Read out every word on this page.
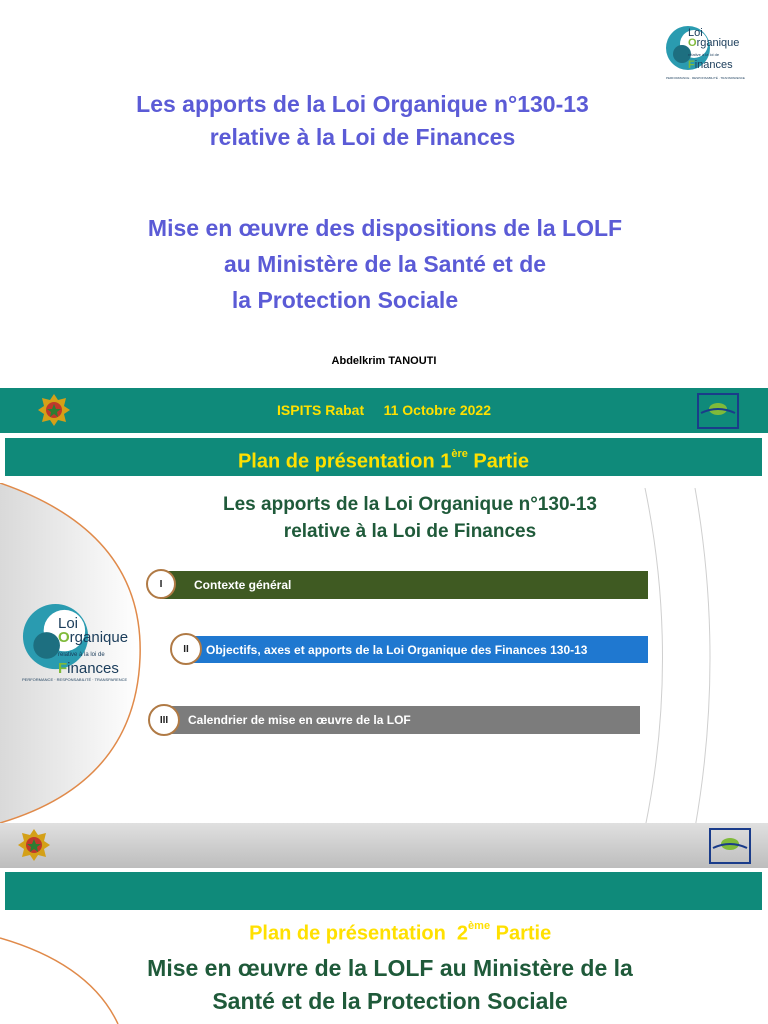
Loi
Organique
relative à la loi de
Finances
PERFORMANCE · RESPONSABILITÉ · TRANSPARENCE
Les apports de la Loi Organique n°130-13
relative à la Loi de Finances
Mise en œuvre des dispositions de la LOLF
au Ministère de la Santé et de
la Protection Sociale
Abdelkrim TANOUTI
ISPITS Rabat     11 Octobre 2022
Plan de présentation 1ère Partie
Loi
Organique
relative à la loi de
Finances
PERFORMANCE · RESPONSABILITÉ · TRANSPARENCE
Les apports de la Loi Organique n°130-13
relative à la Loi de Finances
Contexte général
I
Objectifs, axes et apports de la Loi Organique des Finances 130-13
II
Calendrier de mise en œuvre de la LOF
III

Plan de présentation  2ème Partie

Mise en œuvre de la LOLF au Ministère de la
Santé et de la Protection Sociale
